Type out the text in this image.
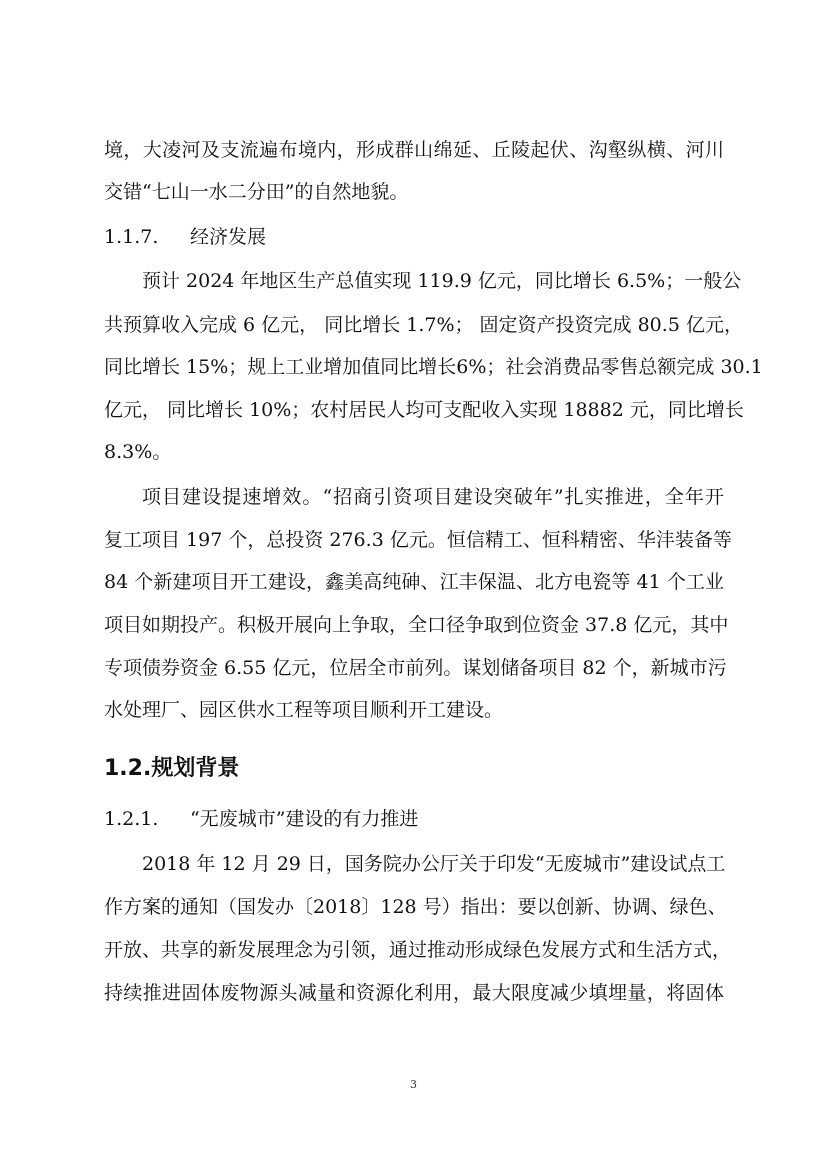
境，大凌河及支流遍布境内，形成群山绵延、丘陵起伏、沟壑纵横、河川
交错“七山一水二分田”的自然地貌。
1.1.7. 经济发展
预计 2024 年地区生产总值实现 119.9 亿元，同比增长 6.5%；一般公
共预算收入完成 6 亿元， 同比增长 1.7%； 固定资产投资完成 80.5 亿元，
同比增长 15%；规上工业增加值同比增长6%；社会消费品零售总额完成 30.1
亿元， 同比增长 10%；农村居民人均可支配收入实现 18882 元，同比增长
8.3%。
项目建设提速增效。“招商引资项目建设突破年”扎实推进，全年开
复工项目 197 个，总投资 276.3 亿元。恒信精工、恒科精密、华沣装备等
84 个新建项目开工建设，鑫美高纯砷、江丰保温、北方电瓷等 41 个工业
项目如期投产。积极开展向上争取，全口径争取到位资金 37.8 亿元，其中
专项债券资金 6.55 亿元，位居全市前列。谋划储备项目 82 个，新城市污
水处理厂、园区供水工程等项目顺利开工建设。
1.2.规划背景
1.2.1. “无废城市”建设的有力推进
2018 年 12 月 29 日，国务院办公厅关于印发“无废城市”建设试点工
作方案的通知（国发办〔2018〕128 号）指出：要以创新、协调、绿色、
开放、共享的新发展理念为引领，通过推动形成绿色发展方式和生活方式，
持续推进固体废物源头减量和资源化利用，最大限度减少填埋量，将固体
3
